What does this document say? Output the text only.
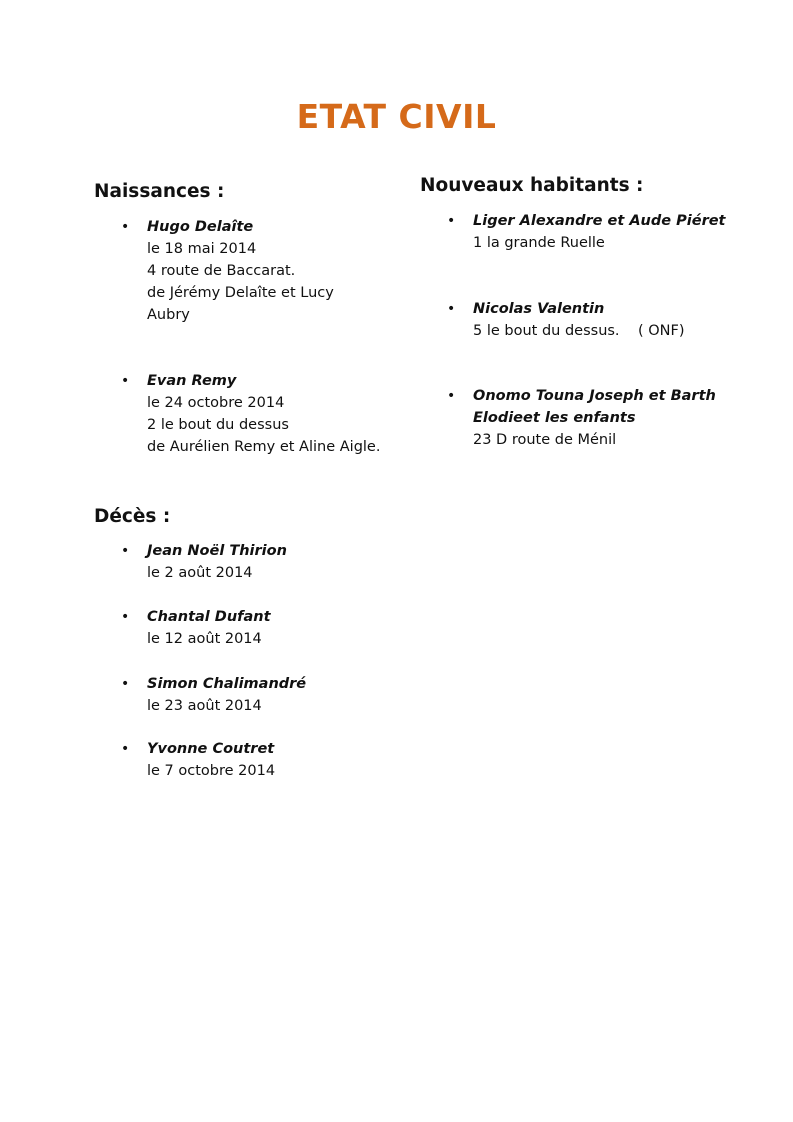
ETAT CIVIL
Naissances :
• Hugo Delaîte
le 18 mai 2014
4 route de Baccarat.
de Jérémy Delaîte et Lucy
Aubry
• Evan Remy
le 24 octobre 2014
2 le bout du dessus
de Aurélien Remy et Aline Aigle.
Décès :
• Jean Noël Thirion
le 2 août 2014
• Chantal Dufant
le 12 août 2014
• Simon Chalimandré
le 23 août 2014
• Yvonne Coutret
le 7 octobre 2014
Nouveaux habitants :
• Liger Alexandre et Aude Piéret
1 la grande Ruelle
• Nicolas Valentin
5 le bout du dessus.    ( ONF)
• Onomo Touna Joseph et Barth
Elodieet les enfants
23 D route de Ménil
